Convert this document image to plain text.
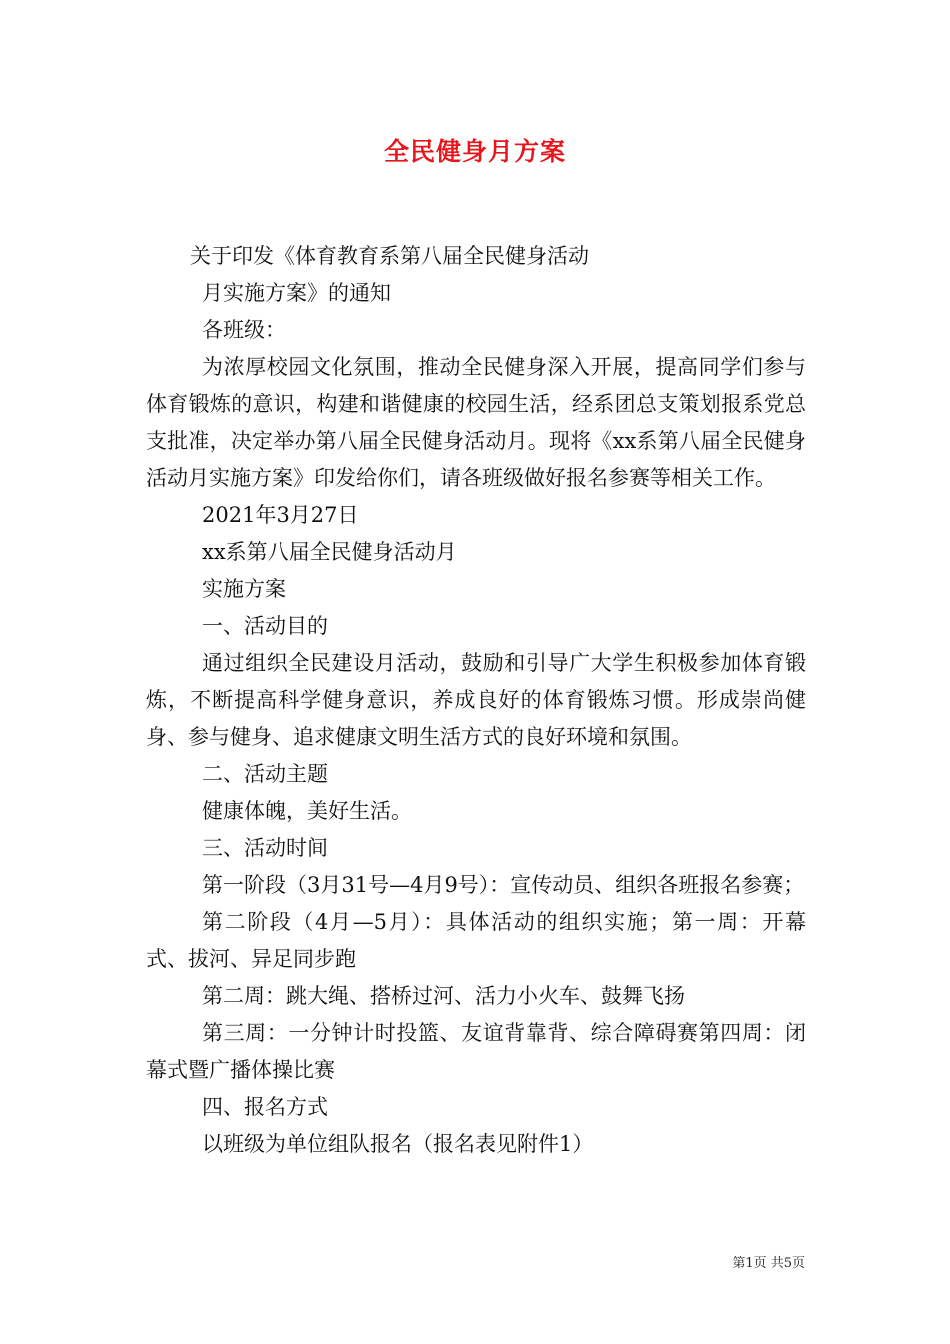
全民健身月方案

关于印发《体育教育系第八届全民健身活动

月实施方案》的通知

各班级：

为浓厚校园文化氛围，推动全民健身深入开展，提高同学们参与体育锻炼的意识，构建和谐健康的校园生活，经系团总支策划报系党总支批准，决定举办第八届全民健身活动月。现将《xx系第八届全民健身活动月实施方案》印发给你们，请各班级做好报名参赛等相关工作。

2021年3月27日

xx系第八届全民健身活动月

实施方案

一、活动目的

通过组织全民建设月活动，鼓励和引导广大学生积极参加体育锻炼，不断提高科学健身意识，养成良好的体育锻炼习惯。形成崇尚健身、参与健身、追求健康文明生活方式的良好环境和氛围。

二、活动主题

健康体魄，美好生活。

三、活动时间

第一阶段（3月31号—4月9号）：宣传动员、组织各班报名参赛；

第二阶段（4月—5月）：具体活动的组织实施；第一周：开幕式、拔河、异足同步跑

第二周：跳大绳、搭桥过河、活力小火车、鼓舞飞扬

第三周：一分钟计时投篮、友谊背靠背、综合障碍赛第四周：闭幕式暨广播体操比赛

四、报名方式

以班级为单位组队报名（报名表见附件1）

第1页 共5页
